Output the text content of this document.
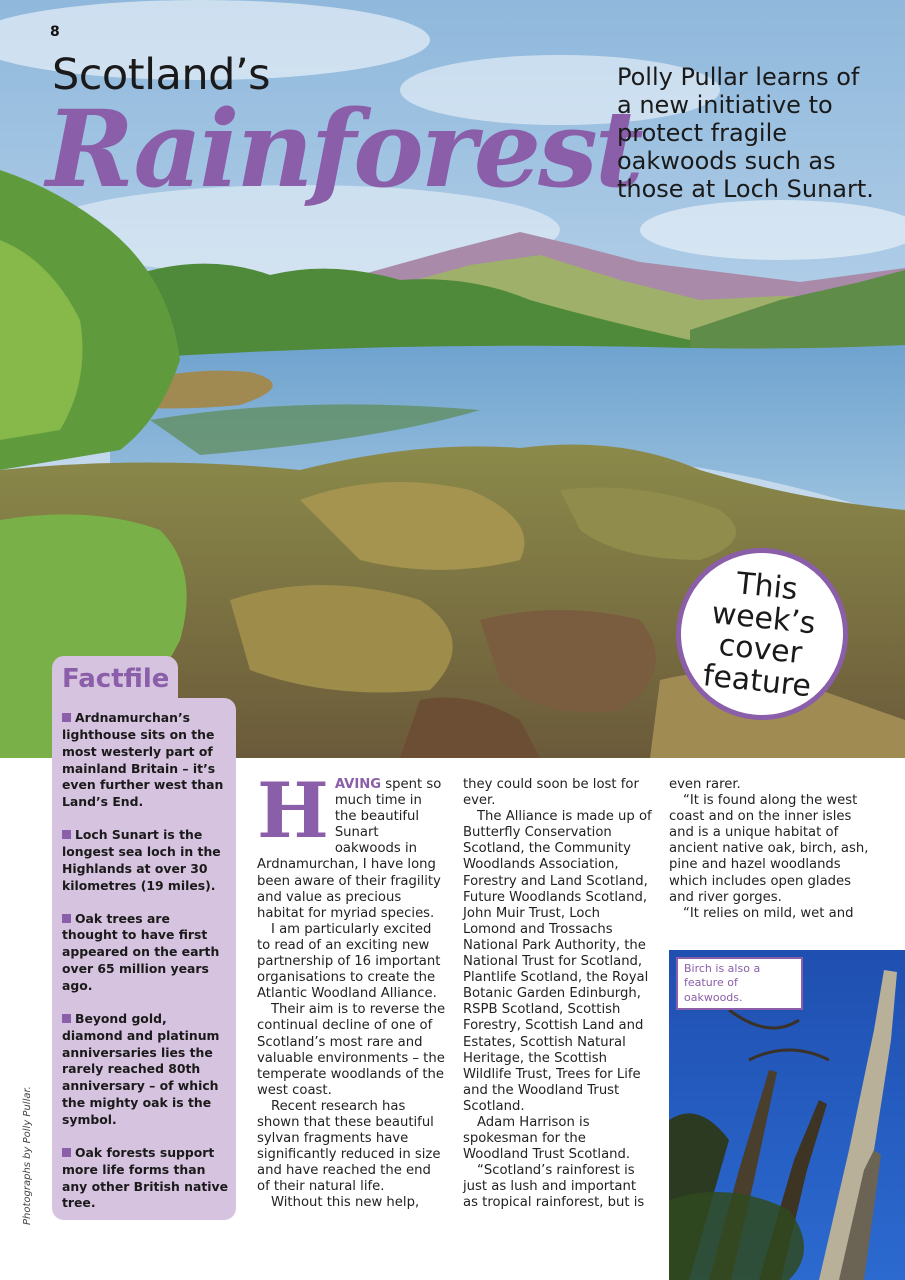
8
Scotland’s
Rainforest
Polly Pullar learns of a new initiative to protect fragile oakwoods such as those at Loch Sunart.
This week’s cover feature
Factfile
Ardnamurchan’s lighthouse sits on the most westerly part of mainland Britain – it’s even further west than Land’s End.
Loch Sunart is the longest sea loch in the Highlands at over 30 kilometres (19 miles).
Oak trees are thought to have first appeared on the earth over 65 million years ago.
Beyond gold, diamond and platinum anniversaries lies the rarely reached 80th anniversary – of which the mighty oak is the symbol.
Oak forests support more life forms than any other British native tree.
Photographs by Polly Pullar.

HAVING spent so much time in the beautiful Sunart oakwoods in Ardnamurchan, I have long been aware of their fragility and value as precious habitat for myriad species.

I am particularly excited to read of an exciting new partnership of 16 important organisations to create the Atlantic Woodland Alliance.

Their aim is to reverse the continual decline of one of Scotland’s most rare and valuable environments – the temperate woodlands of the west coast.

Recent research has shown that these beautiful sylvan fragments have significantly reduced in size and have reached the end of their natural life.

Without this new help,

they could soon be lost for ever.

The Alliance is made up of Butterfly Conservation Scotland, the Community Woodlands Association, Forestry and Land Scotland, Future Woodlands Scotland, John Muir Trust, Loch Lomond and Trossachs National Park Authority, the National Trust for Scotland, Plantlife Scotland, the Royal Botanic Garden Edinburgh, RSPB Scotland, Scottish Forestry, Scottish Land and Estates, Scottish Natural Heritage, the Scottish Wildlife Trust, Trees for Life and the Woodland Trust Scotland.

Adam Harrison is spokesman for the Woodland Trust Scotland.

“Scotland’s rainforest is just as lush and important as tropical rainforest, but is

even rarer.

“It is found along the west coast and on the inner isles and is a unique habitat of ancient native oak, birch, ash, pine and hazel woodlands which includes open glades and river gorges.

“It relies on mild, wet and

Birch is also a feature of oakwoods.
